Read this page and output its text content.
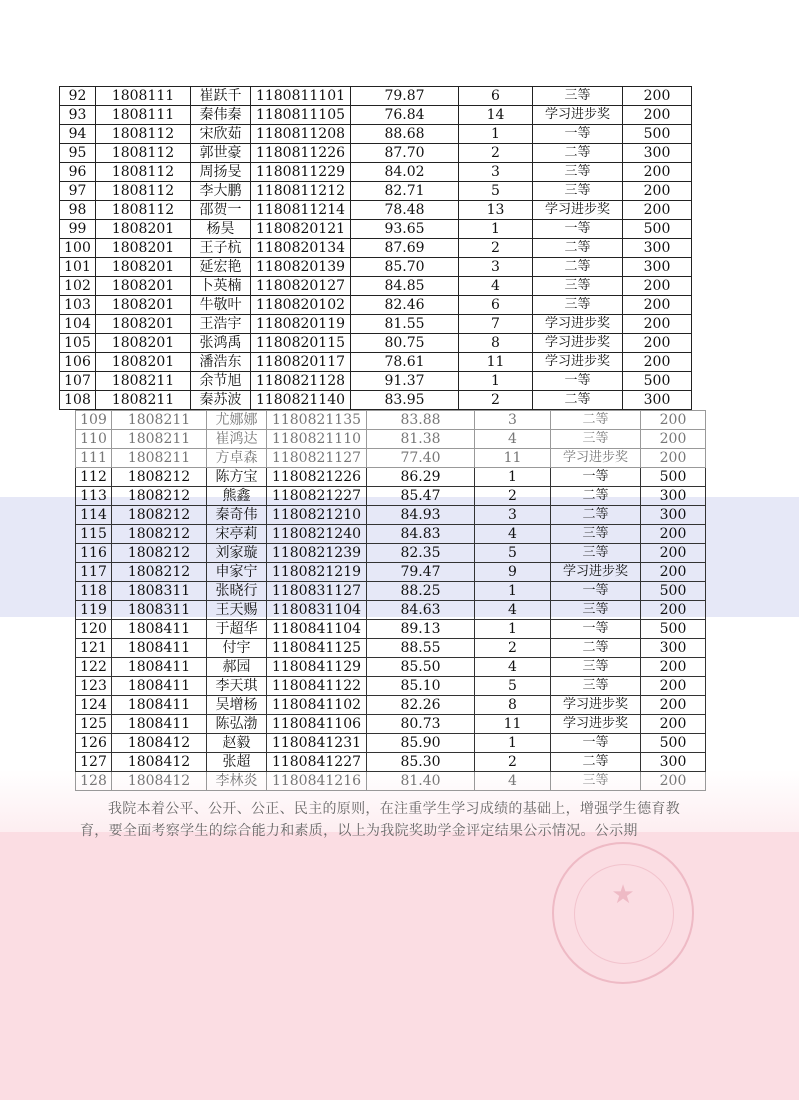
92	1808111	崔跃千	1180811101	79.87	6	三等	200
93	1808111	秦伟秦	1180811105	76.84	14	学习进步奖	200
94	1808112	宋欣茹	1180811208	88.68	1	一等	500
95	1808112	郭世豪	1180811226	87.70	2	二等	300
96	1808112	周扬旻	1180811229	84.02	3	三等	200
97	1808112	李大鹏	1180811212	82.71	5	三等	200
98	1808112	邵贺一	1180811214	78.48	13	学习进步奖	200
99	1808201	杨昊	1180820121	93.65	1	一等	500
100	1808201	王子杭	1180820134	87.69	2	二等	300
101	1808201	延宏艳	1180820139	85.70	3	二等	300
102	1808201	卜英楠	1180820127	84.85	4	三等	200
103	1808201	牛敬叶	1180820102	82.46	6	三等	200
104	1808201	王浩宇	1180820119	81.55	7	学习进步奖	200
105	1808201	张鸿禹	1180820115	80.75	8	学习进步奖	200
106	1808201	潘浩东	1180820117	78.61	11	学习进步奖	200
107	1808211	余节旭	1180821128	91.37	1	一等	500
108	1808211	秦苏波	1180821140	83.95	2	二等	300
109	1808211	尤娜娜	1180821135	83.88	3	二等	200
110	1808211	崔鸿达	1180821110	81.38	4	三等	200
111	1808211	方卓森	1180821127	77.40	11	学习进步奖	200
112	1808212	陈方宝	1180821226	86.29	1	一等	500
113	1808212	熊鑫	1180821227	85.47	2	二等	300
114	1808212	秦奇伟	1180821210	84.93	3	二等	300
115	1808212	宋亭莉	1180821240	84.83	4	三等	200
116	1808212	刘家璇	1180821239	82.35	5	三等	200
117	1808212	申家宁	1180821219	79.47	9	学习进步奖	200
118	1808311	张晓行	1180831127	88.25	1	一等	500
119	1808311	王天赐	1180831104	84.63	4	三等	200
120	1808411	于超华	1180841104	89.13	1	一等	500
121	1808411	付宇	1180841125	88.55	2	二等	300
122	1808411	郝园	1180841129	85.50	4	三等	200
123	1808411	李天琪	1180841122	85.10	5	三等	200
124	1808411	吴增杨	1180841102	82.26	8	学习进步奖	200
125	1808411	陈弘渤	1180841106	80.73	11	学习进步奖	200
126	1808412	赵毅	1180841231	85.90	1	一等	500
127	1808412	张超	1180841227	85.30	2	二等	300
128	1808412	李林炎	1180841216	81.40	4	三等	200
我院本着公平、公开、公正、民主的原则，在注重学生学习成绩的基础上，增强学生德育教育，要全面考察学生的综合能力和素质，以上为我院奖助学金评定结果公示情况。公示期
★
